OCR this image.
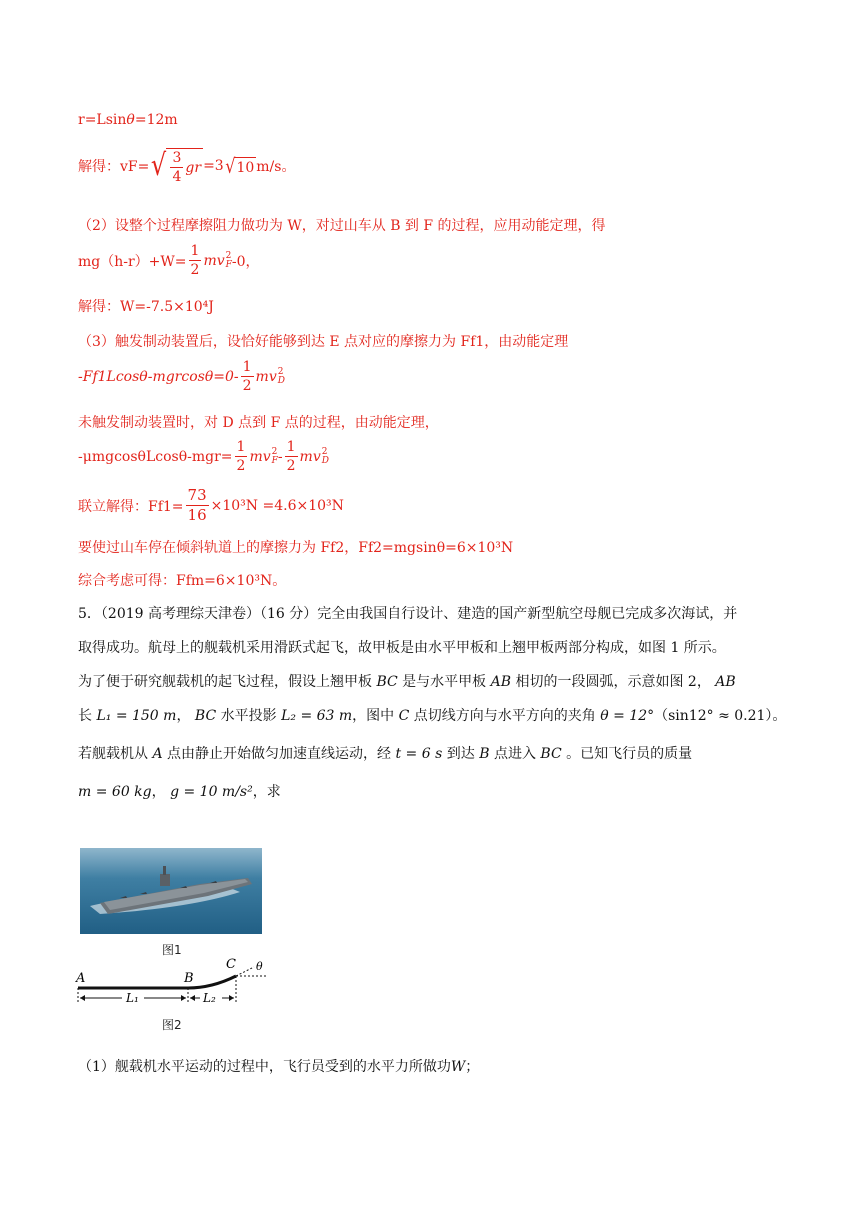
r=Lsinθ=12m
解得：vF= √ $\frac{3}{4}$ gr =3 √ 10 m/s。
（2）设整个过程摩擦阻力做功为 W，对过山车从 B 到 F 的过程，应用动能定理，得
$mg(h-r)+W= \frac{1}{2}$ mv 2
F -0，
解得：W=-7.5×10⁴J
（3）触发制动装置后，设恰好能够到达 E 点对应的摩擦力为 Ff1，由动能定理
$-Ff1Lcos\theta-mgrcos\theta=0- \frac{1}{2}$ mv 2
D
未触发制动装置时，对 D 点到 F 点的过程，由动能定理，
$-\mu mgcos\theta Lcos\theta-mgr= \frac{1}{2}$ mv 2
F - $\frac{1}{2}$ mv 2
D
联立解得：$Ff1= \frac{73}{16} \times 10^3N =4.6\times 10^3N$
要使过山车停在倾斜轨道上的摩擦力为 Ff2，Ff2=mgsinθ=6×10³N
综合考虑可得：Ffm=6×10³N。
5．（2019 高考理综天津卷）（16 分）完全由我国自行设计、建造的国产新型航空母舰已完成多次海试，并
取得成功。航母上的舰载机采用滑跃式起飞，故甲板是由水平甲板和上翘甲板两部分构成，如图 1 所示。
为了便于研究舰载机的起飞过程，假设上翘甲板 BC 是与水平甲板 AB 相切的一段圆弧，示意如图 2， AB
长 L₁ = 150 m， BC 水平投影 L₂ = 63 m，图中 C 点切线方向与水平方向的夹角 θ = 12°（sin12° ≈ 0.21）。
若舰载机从 A 点由静止开始做匀加速直线运动，经 t = 6 s 到达 B 点进入 BC 。已知飞行员的质量
m = 60 kg， g = 10 m/s²，求
图1
A	B
C θ
L₁	L₂
图2
（1）舰载机水平运动的过程中，飞行员受到的水平力所做功W；
